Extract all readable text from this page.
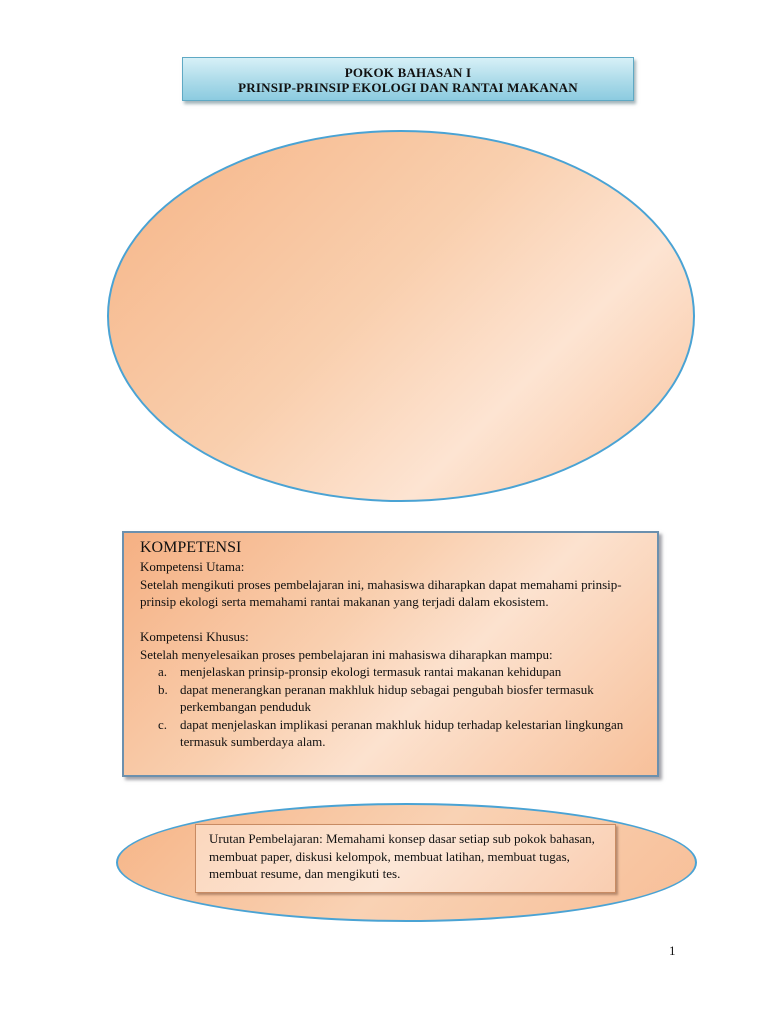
POKOK BAHASAN I
PRINSIP-PRINSIP EKOLOGI DAN RANTAI MAKANAN
KOMPETENSI

Kompetensi Utama:

Setelah mengikuti proses pembelajaran ini, mahasiswa diharapkan dapat memahami prinsip-prinsip ekologi serta memahami rantai makanan yang terjadi dalam ekosistem.

Kompetensi Khusus:

Setelah menyelesaikan proses pembelajaran ini mahasiswa diharapkan mampu:

a. menjelaskan prinsip-pronsip ekologi termasuk rantai makanan kehidupan
b. dapat menerangkan peranan makhluk hidup sebagai pengubah biosfer termasuk perkembangan penduduk
c. dapat menjelaskan implikasi peranan makhluk hidup terhadap kelestarian lingkungan termasuk sumberdaya alam.
Urutan Pembelajaran: Memahami konsep dasar setiap sub pokok bahasan, membuat paper, diskusi kelompok, membuat latihan, membuat tugas, membuat resume, dan mengikuti tes.
1
